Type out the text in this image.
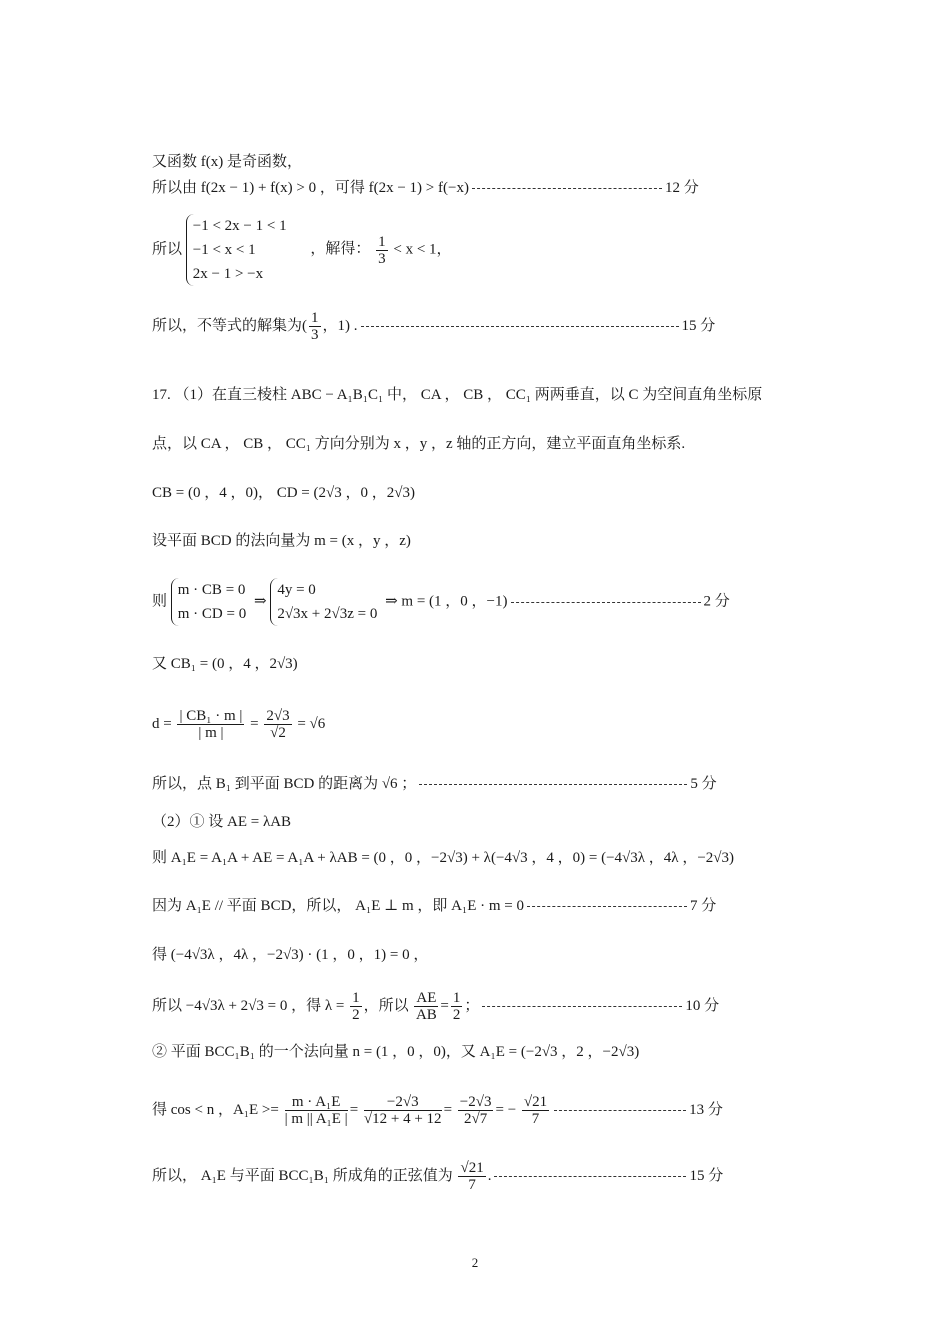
又函数 f(x) 是奇函数，
所以由 f(2x − 1) + f(x) > 0 ，可得 f(2x − 1) > f(−x)	12 分
所以
−1 < 2x − 1 < 1
−1 < x < 1
2x − 1 > −x
，解得： $\frac{1}{3} < x < 1$，
所以，不等式的解集为( $\frac{1}{3}$ ，1) .	15 分
17. （1）在直三棱柱 ABC − A₁B₁C₁ 中， CA ， CB ， CC₁ 两两垂直，以 C 为空间直角坐标原
点，以 CA ， CB ， CC₁ 方向分别为 x ，y ，z 轴的正方向，建立平面直角坐标系.
CB = (0 ，4 ，0)， CD = (2√3 ，0 ，2√3)
设平面 BCD 的法向量为 m = (x ，y ，z)
则
m · CB = 0
m · CD = 0
⇒
4y = 0
2√3x + 2√3z = 0
⇒ m = (1 ，0 ，−1)	2 分
又 CB₁ = (0 ，4 ，2√3)
$d = \frac{\text{| CB₁ · m |}}{| m |} = \frac{2√3}{√2} = √6$
所以，点 B₁ 到平面 BCD 的距离为 √6 ；	5 分
（2）① 设 AE = λAB
则 A₁E = A₁A + AE = A₁A + λAB = (0 ，0 ，−2√3) + λ(−4√3 ，4 ，0) = (−4√3λ ，4λ ，−2√3)
因为 A₁E // 平面 BCD，所以， A₁E ⊥ m ，即 A₁E · m = 0	7 分
得 (−4√3λ ，4λ ，−2√3) · (1 ，0 ，1) = 0 ，
所以 −4√3λ + 2√3 = 0 ，得 $\lambda = \frac{1}{2}$ ，所以 $\frac{AE}{AB} = \frac{1}{2}$ ；	10 分
② 平面 BCC₁B₁ 的一个法向量 n = (1 ，0 ，0)，又 A₁E = (−2√3 ，2 ，−2√3)
得 cos < n ，$A_1E >= \frac{\text{m · A₁E}}{\text{| m || A₁E |}} = \frac{-2√3}{√12 + 4 + 12} = \frac{-2√3}{2√7}$ = − $\frac{√21}{7}$	13 分
所以， A₁E 与平面 BCC₁B₁ 所成角的正弦值为 $\frac{√21}{7}$ .	15 分
2
